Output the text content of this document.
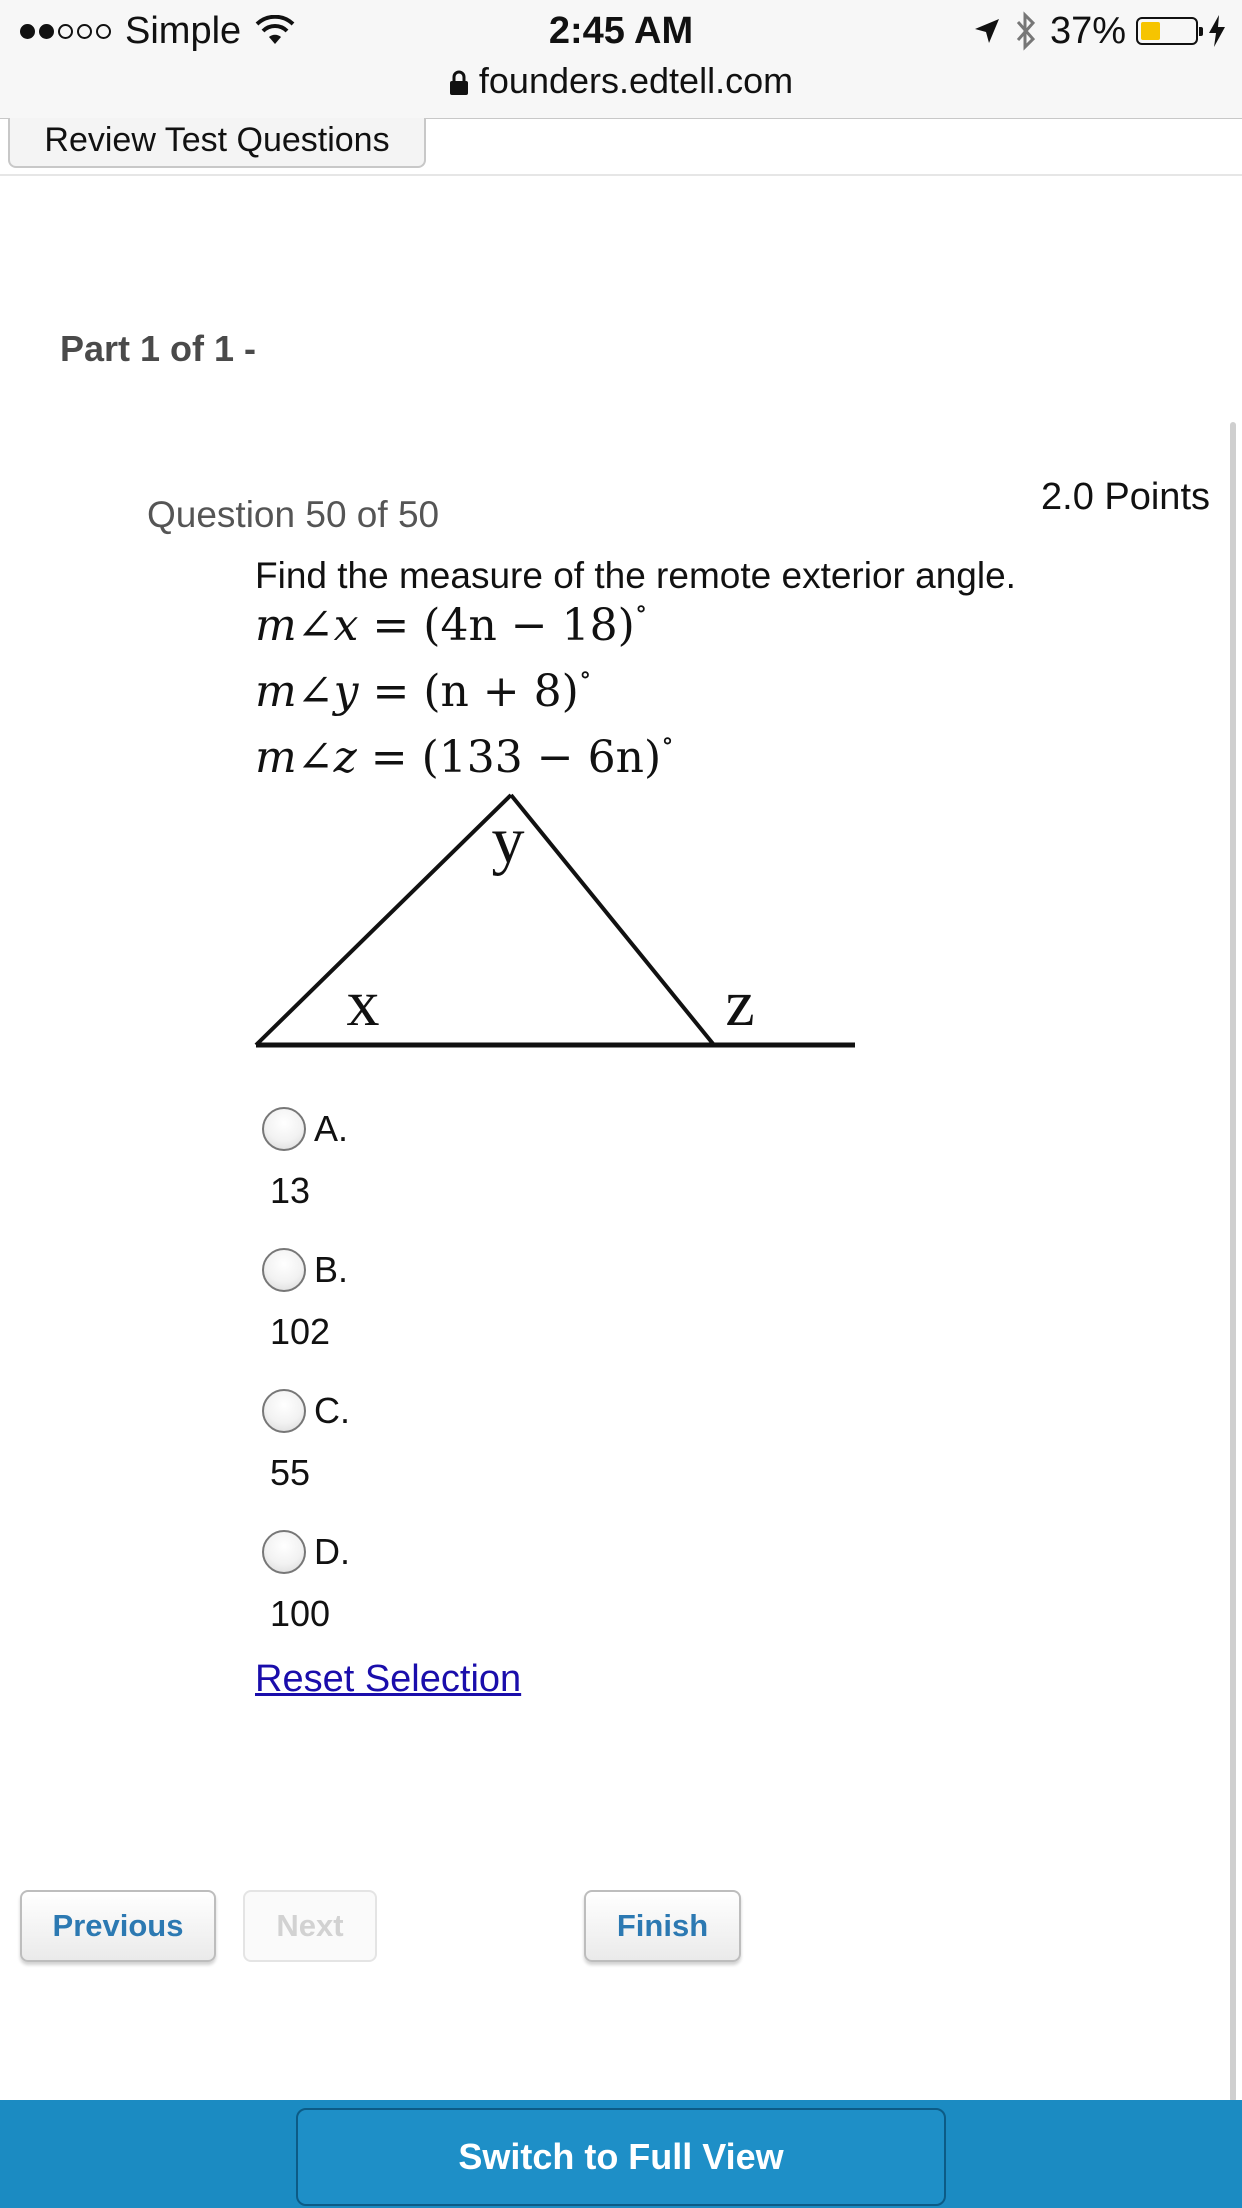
Simple	2:45 AM	37%
founders.edtell.com
Review Test Questions
Part 1 of 1 -
Question 50 of 50	2.0 Points
Find the measure of the remote exterior angle.
m∠x = (4n − 18)∘
m∠y = (n + 8)∘
m∠z = (133 − 6n)∘
y
x	z
A.
13
B.
102
C.
55
D.
100
Reset Selection
Previous	Next	Finish
Switch to Full View
